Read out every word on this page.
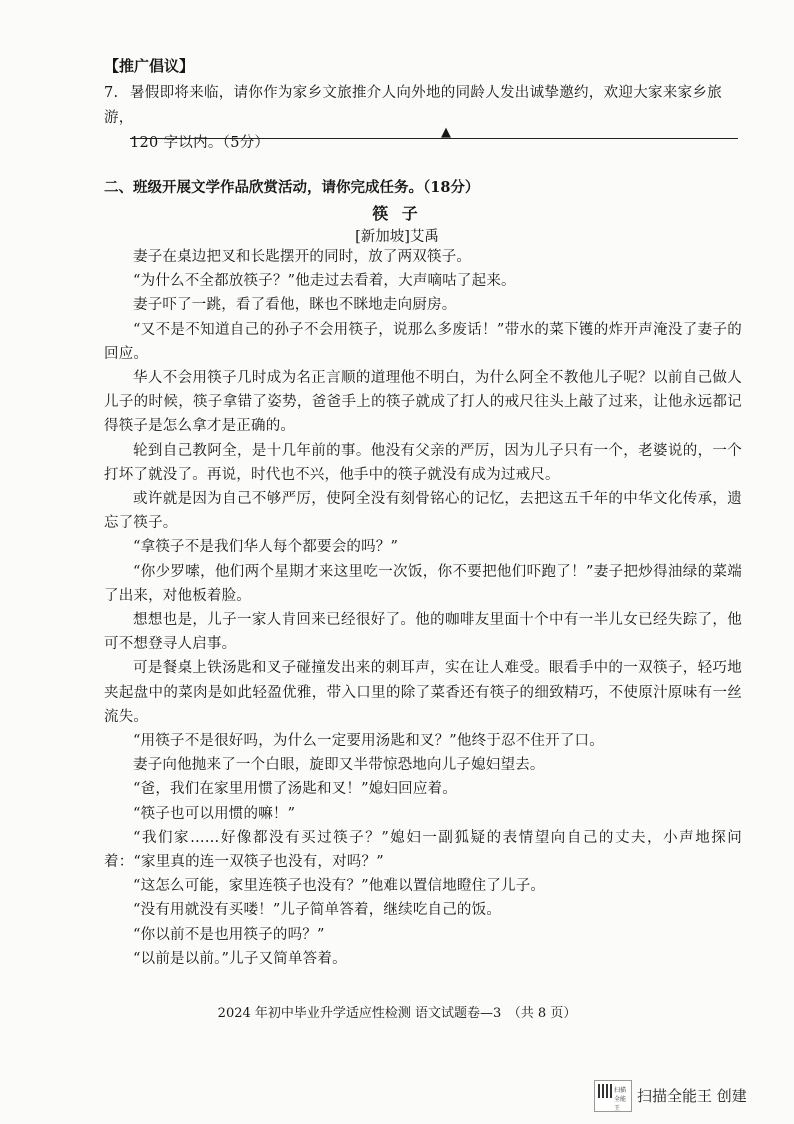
【推广倡议】
7. 暑假即将来临，请你作为家乡文旅推介人向外地的同龄人发出诚挚邀约，欢迎大家来家乡旅游，
120 字以内。（5分）
▲
二、班级开展文学作品欣赏活动，请你完成任务。（18分）
筷 子
[新加坡]艾禹

妻子在桌边把叉和长匙摆开的同时，放了两双筷子。

“为什么不全都放筷子？”他走过去看着，大声嘀咕了起来。

妻子吓了一跳，看了看他，眯也不眯地走向厨房。

“又不是不知道自己的孙子不会用筷子，说那么多废话！”带水的菜下镬的炸开声淹没了妻子的回应。

华人不会用筷子几时成为名正言顺的道理他不明白，为什么阿全不教他儿子呢？以前自己做人儿子的时候，筷子拿错了姿势，爸爸手上的筷子就成了打人的戒尺往头上敲了过来，让他永远都记得筷子是怎么拿才是正确的。

轮到自己教阿全，是十几年前的事。他没有父亲的严厉，因为儿子只有一个，老婆说的，一个打坏了就没了。再说，时代也不兴，他手中的筷子就没有成为过戒尺。

或许就是因为自己不够严厉，使阿全没有刻骨铭心的记忆，去把这五千年的中华文化传承，遗忘了筷子。

“拿筷子不是我们华人每个都要会的吗？”

“你少罗嗦，他们两个星期才来这里吃一次饭，你不要把他们吓跑了！”妻子把炒得油绿的菜端了出来，对他板着脸。

想想也是，儿子一家人肯回来已经很好了。他的咖啡友里面十个中有一半儿女已经失踪了，他可不想登寻人启事。

可是餐桌上铁汤匙和叉子碰撞发出来的刺耳声，实在让人难受。眼看手中的一双筷子，轻巧地夹起盘中的菜肉是如此轻盈优雅，带入口里的除了菜香还有筷子的细致精巧，不使原汁原味有一丝流失。

“用筷子不是很好吗，为什么一定要用汤匙和叉？”他终于忍不住开了口。

妻子向他抛来了一个白眼，旋即又半带惊恐地向儿子媳妇望去。

“爸，我们在家里用惯了汤匙和叉！”媳妇回应着。

“筷子也可以用惯的嘛！”

“我们家……好像都没有买过筷子？”媳妇一副狐疑的表情望向自己的丈夫，小声地探问着：“家里真的连一双筷子也没有，对吗？”

“这怎么可能，家里连筷子也没有？”他难以置信地瞪住了儿子。

“没有用就没有买喽！”儿子简单答着，继续吃自己的饭。

“你以前不是也用筷子的吗？”

“以前是以前。”儿子又简单答着。

2024 年初中毕业升学适应性检测 语文试题卷—3　（共 8 页）
扫描全能王
扫描全能王 创建
